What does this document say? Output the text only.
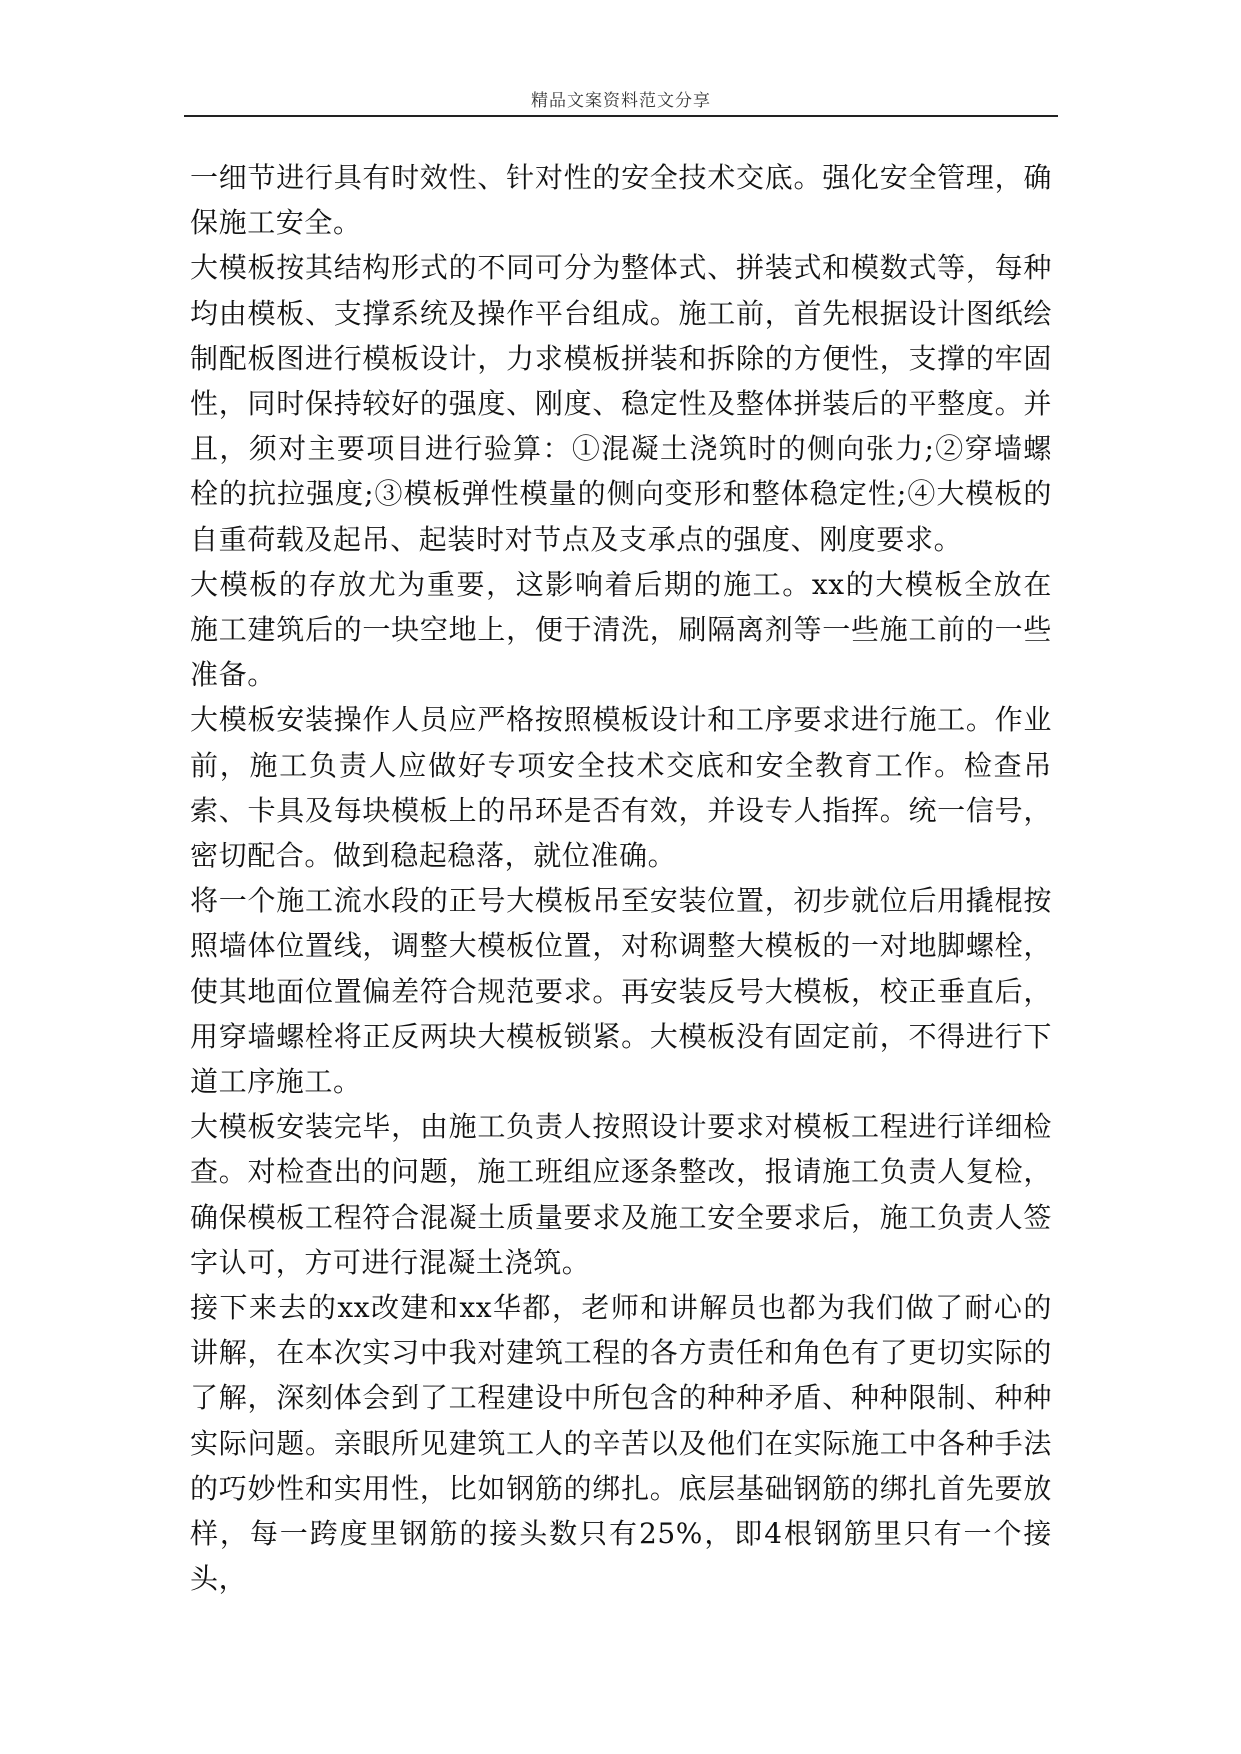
精品文案资料范文分享

一细节进行具有时效性、针对性的安全技术交底。强化安全管理，确保施工安全。

大模板按其结构形式的不同可分为整体式、拼装式和模数式等，每种均由模板、支撑系统及操作平台组成。施工前，首先根据设计图纸绘制配板图进行模板设计，力求模板拼装和拆除的方便性，支撑的牢固性，同时保持较好的强度、刚度、稳定性及整体拼装后的平整度。并且，须对主要项目进行验算：①混凝土浇筑时的侧向张力;②穿墙螺栓的抗拉强度;③模板弹性模量的侧向变形和整体稳定性;④大模板的自重荷载及起吊、起装时对节点及支承点的强度、刚度要求。

大模板的存放尤为重要，这影响着后期的施工。xx的大模板全放在施工建筑后的一块空地上，便于清洗，刷隔离剂等一些施工前的一些准备。

大模板安装操作人员应严格按照模板设计和工序要求进行施工。作业前，施工负责人应做好专项安全技术交底和安全教育工作。检查吊索、卡具及每块模板上的吊环是否有效，并设专人指挥。统一信号，密切配合。做到稳起稳落，就位准确。

将一个施工流水段的正号大模板吊至安装位置，初步就位后用撬棍按照墙体位置线，调整大模板位置，对称调整大模板的一对地脚螺栓，使其地面位置偏差符合规范要求。再安装反号大模板，校正垂直后，用穿墙螺栓将正反两块大模板锁紧。大模板没有固定前，不得进行下道工序施工。

大模板安装完毕，由施工负责人按照设计要求对模板工程进行详细检查。对检查出的问题，施工班组应逐条整改，报请施工负责人复检，确保模板工程符合混凝土质量要求及施工安全要求后，施工负责人签字认可，方可进行混凝土浇筑。

接下来去的xx改建和xx华都，老师和讲解员也都为我们做了耐心的讲解，在本次实习中我对建筑工程的各方责任和角色有了更切实际的了解，深刻体会到了工程建设中所包含的种种矛盾、种种限制、种种实际问题。亲眼所见建筑工人的辛苦以及他们在实际施工中各种手法的巧妙性和实用性，比如钢筋的绑扎。底层基础钢筋的绑扎首先要放样，每一跨度里钢筋的接头数只有25%，即4根钢筋里只有一个接头，
